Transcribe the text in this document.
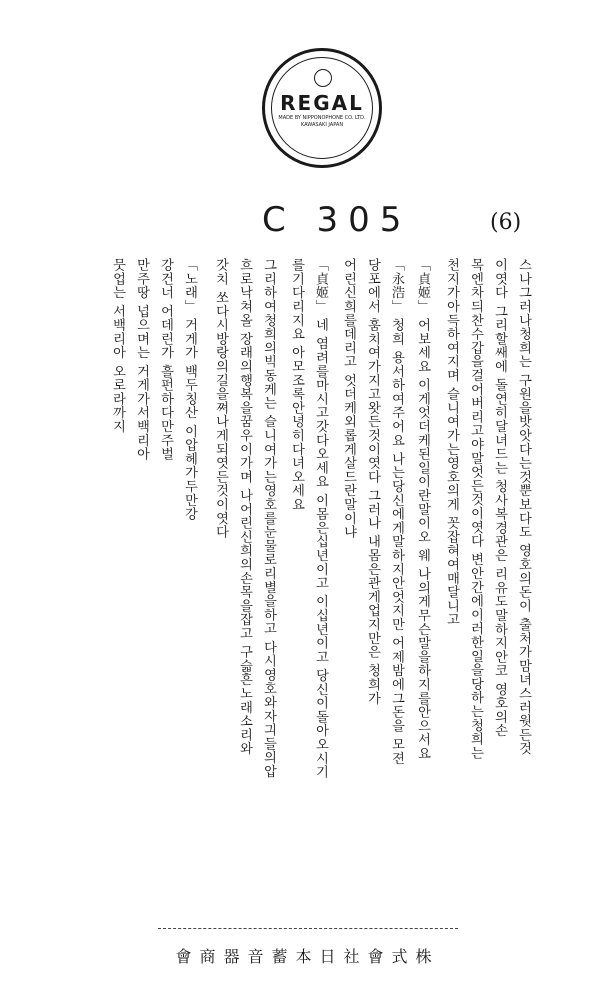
REGAL
MADE BY NIPPONOPHONE CO. LTD.
KAWASAKI JAPAN
C 305	(6)
스나그러나청희는 구원을밧앗다는것뿐보다도 영호의돈이 출처가맘녀스러웟든것
이엿다 그리할쌔에 돌연히달녀드는 청사복경관은 리유도말하지안코 영호의손
목엔차듸찬수갑을걸어버리고야말엇든것이엿다 변안간에이러한일을당하는청희는
천지가아득하여지며 슬니여가는영호의게 꼿잡혀여매달니고
「貞姬」 어보세요 이게엇더케된일이란말이오 웨 나의게무슨말을하지를안으서요
「永浩」 청희 용서하여주어요 나는당신에게말하지안엇지만 어제밤에그돈을 모젼
당포에서 훔치여가지고왓든것이엿다 그러나 내몸은관게업지만은 청희가
어린신희를데리고 엇더케외롭게살드란말이냐
「貞姬」 네 염려를마시고갓다오세요 이몸은십년이고 이십년이고 당신이돌아오시기
를기다리지요 아모조록안녕히다녀오세요
그리하여청희의빅동케는 슬니여가는영호를눈물로리별을하고 다시영호와자긔들의압
흐로낙쳐올 장래의행복을꿈우이가며 나어린신희의손목을잡고 구슯흔노래소리와
갓치 쏘다시방랑의길을쪄나게되엿든것이엿다
「노래」 거게가 백두칭산 이압헤가두만강
강건너 어데린가 흘펀하다만주벌
만주땅 넙으며는 거게가서백리아
뭇업는 서백리아 오로라까지
會商器音蓄本日社會式株
